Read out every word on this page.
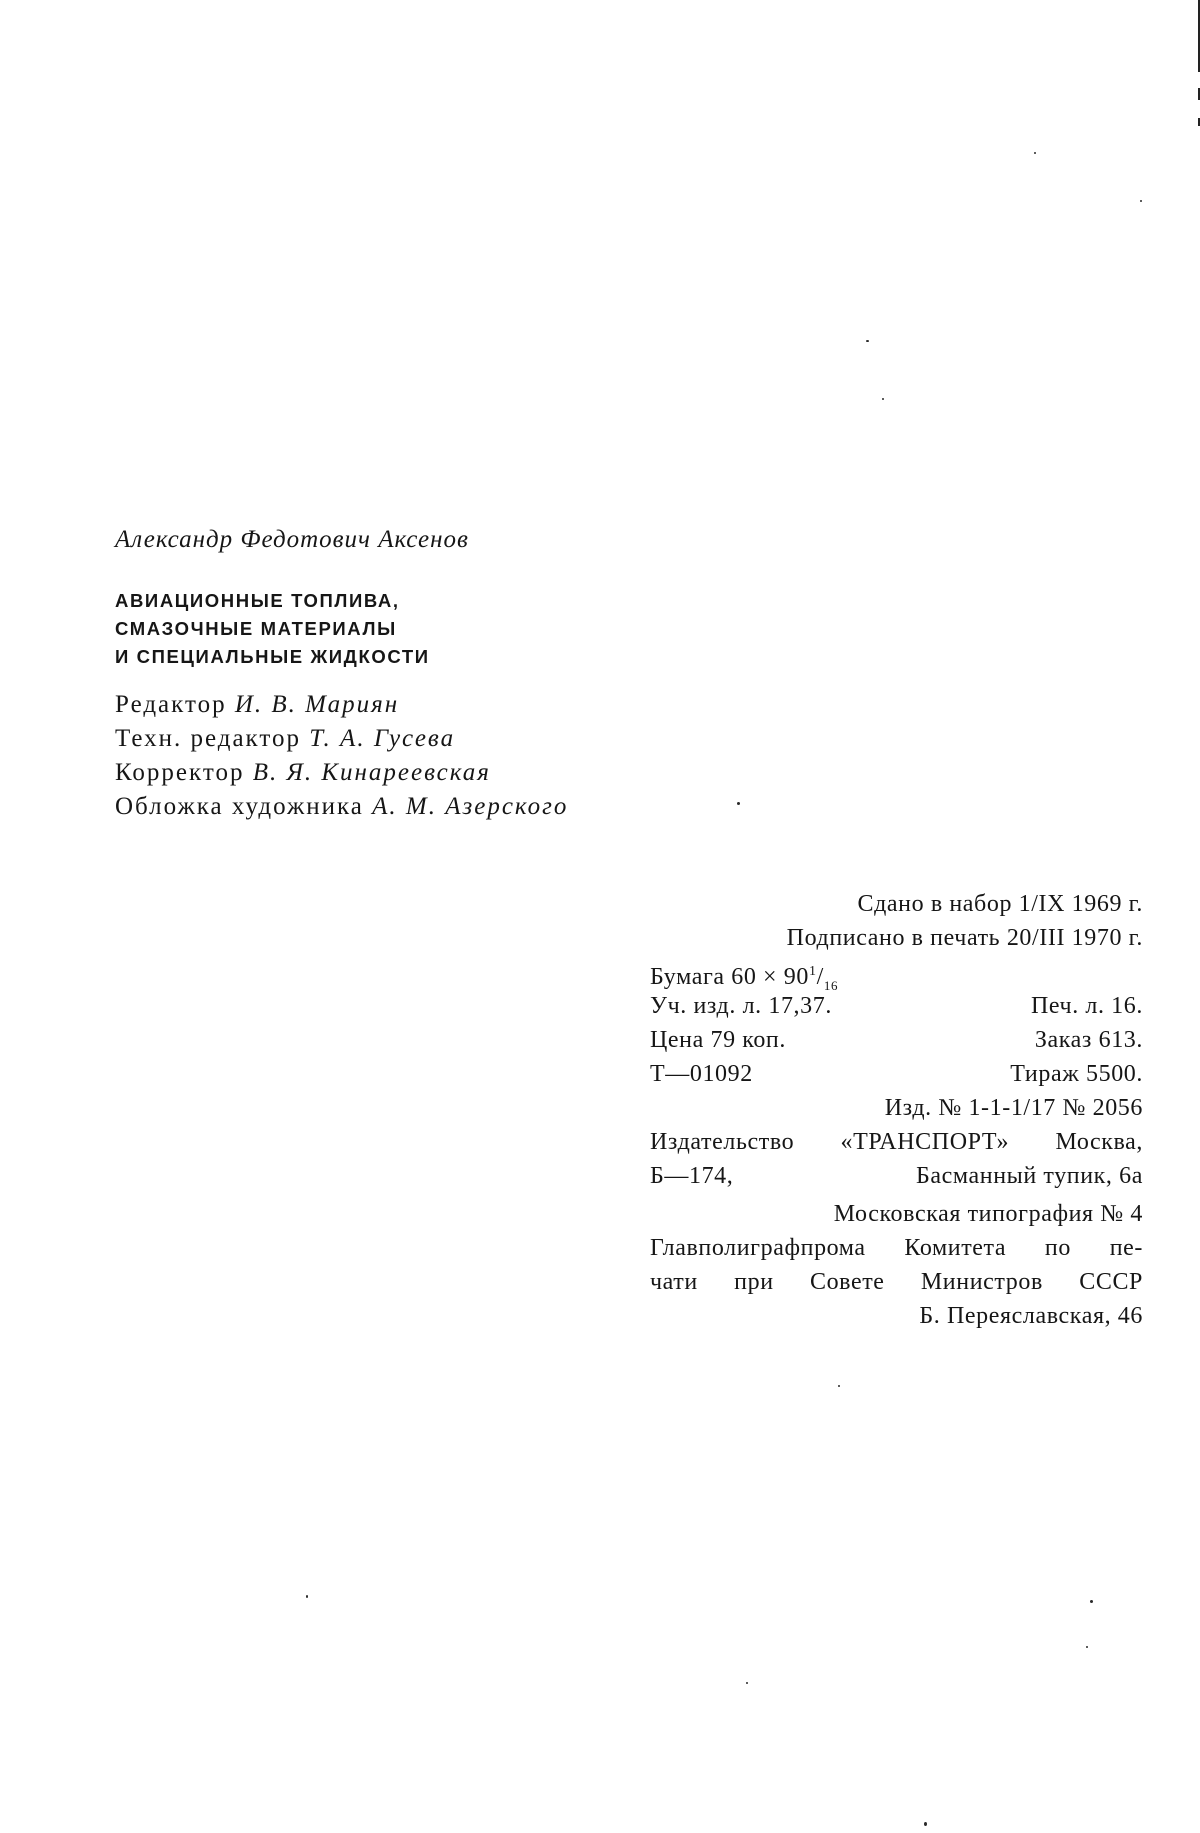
Александр Федотович Аксенов
АВИАЦИОННЫЕ ТОПЛИВА,
СМАЗОЧНЫЕ МАТЕРИАЛЫ
И СПЕЦИАЛЬНЫЕ ЖИДКОСТИ
Редактор И. В. Мариян
Техн. редактор Т. А. Гусева
Корректор В. Я. Кинареевская
Обложка художника А. М. Азерского
Сдано в набор 1/IX 1969 г.
Подписано в печать 20/III 1970 г.
Бумага $60 \times 90^1/_{16}$
Уч. изд. л. 17,37.	Печ. л. 16.
Цена 79 коп.	Заказ 613.
Т—01092	Тираж 5500.
Изд. № 1-1-1/17 № 2056
Издательство «ТРАНСПОРТ» Москва,
Б—174,	Басманный тупик, 6а
Московская типография № 4
Главполиграфпрома Комитета по пе-
чати при Совете Министров СССР
Б. Переяславская, 46
